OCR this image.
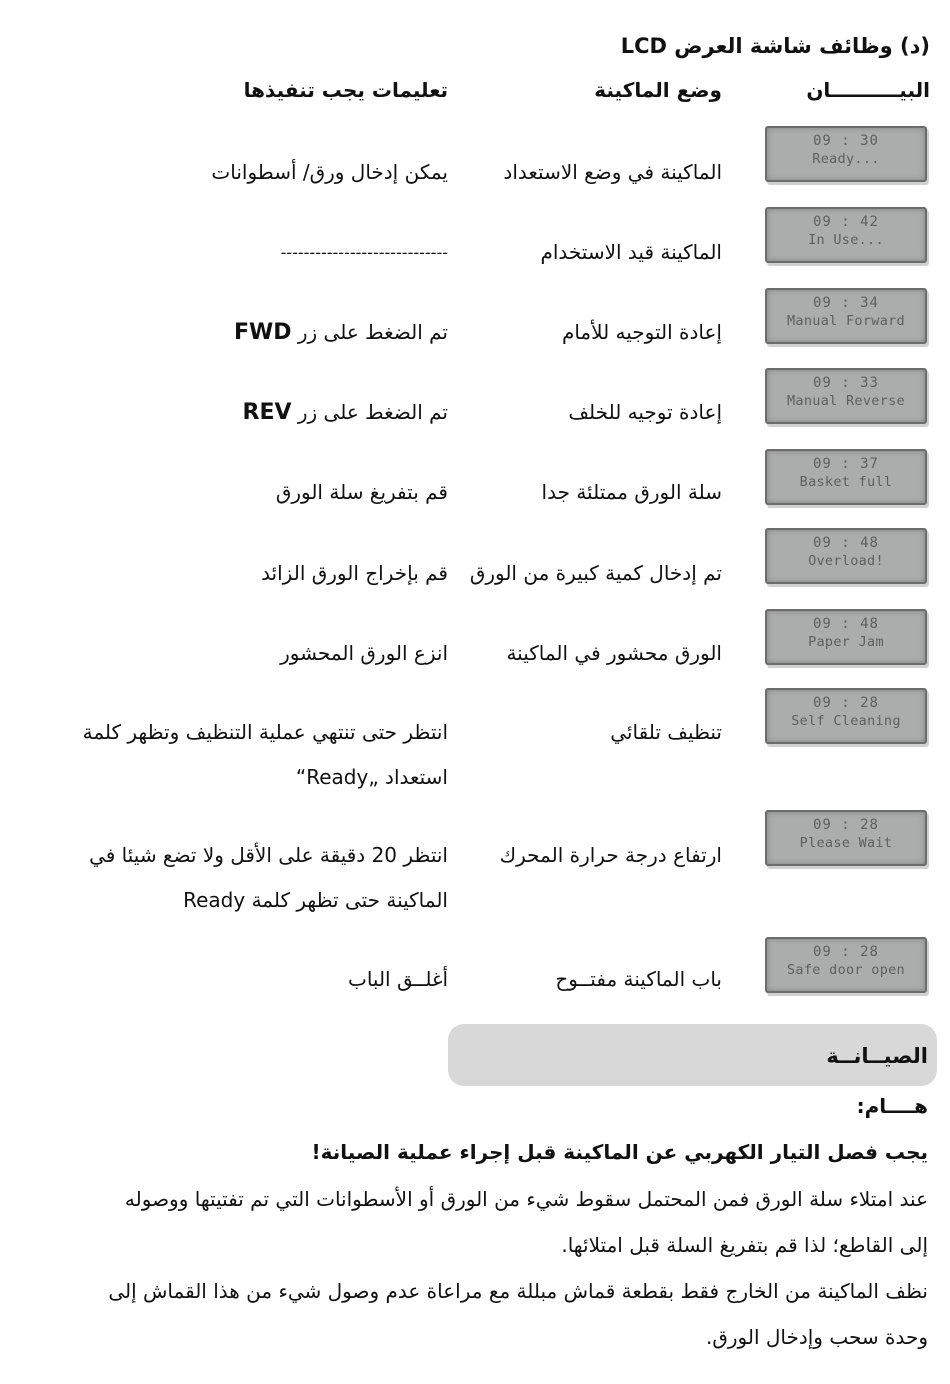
(د) وظائف شاشة العرض LCD
البيــــــــــان
وضع الماكينة
تعليمات يجب تنفيذها
09 : 30
Ready...
الماكينة في وضع الاستعداد
يمكن إدخال ورق/ أسطوانات
09 : 42
In Use...
الماكينة قيد الاستخدام
-----------------------------
09 : 34
Manual Forward
إعادة التوجيه للأمام
تم الضغط على زر FWD
09 : 33
Manual Reverse
إعادة توجيه للخلف
تم الضغط على زر REV
09 : 37
Basket full
سلة الورق ممتلئة جدا
قم بتفريغ سلة الورق
09 : 48
Overload!
تم إدخال كمية كبيرة من الورق
قم بإخراج الورق الزائد
09 : 48
Paper Jam
الورق محشور في الماكينة
انزع الورق المحشور
09 : 28
Self Cleaning
تنظيف تلقائي
انتظر حتى تنتهي عملية التنظيف وتظهر كلمة استعداد „Ready“
09 : 28
Please Wait
ارتفاع درجة حرارة المحرك
انتظر 20 دقيقة على الأقل ولا تضع شيئا في الماكينة حتى تظهر كلمة Ready
09 : 28
Safe door open
باب الماكينة مفتــوح
أغلــق الباب
الصيــانــة
هــــام:
يجب فصل التيار الكهربي عن الماكينة قبل إجراء عملية الصيانة!
عند امتلاء سلة الورق فمن المحتمل سقوط شيء من الورق أو الأسطوانات التي تم تفتيتها ووصوله إلى القاطع؛ لذا قم بتفريغ السلة قبل امتلائها.
نظف الماكينة من الخارج فقط بقطعة قماش مبللة مع مراعاة عدم وصول شيء من هذا القماش إلى وحدة سحب وإدخال الورق.
